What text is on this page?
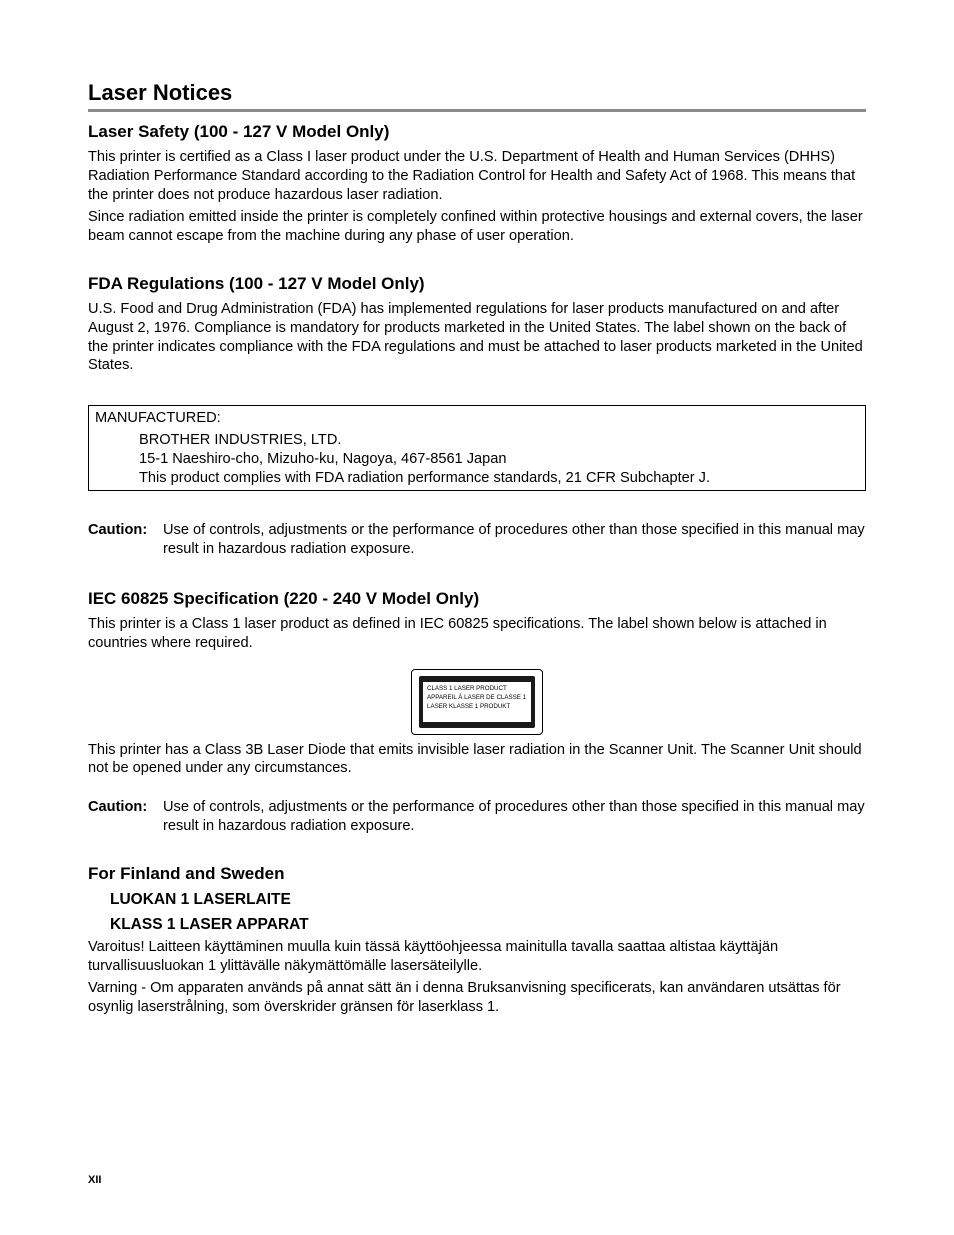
Laser Notices
Laser Safety (100 - 127 V Model Only)

This printer is certified as a Class I laser product under the U.S. Department of Health and Human Services (DHHS) Radiation Performance Standard according to the Radiation Control for Health and Safety Act of 1968. This means that the printer does not produce hazardous laser radiation.

Since radiation emitted inside the printer is completely confined within protective housings and external covers, the laser beam cannot escape from the machine during any phase of user operation.

FDA Regulations (100 - 127 V Model Only)

U.S. Food and Drug Administration (FDA) has implemented regulations for laser products manufactured on and after August 2, 1976. Compliance is mandatory for products marketed in the United States. The label shown on the back of the printer indicates compliance with the FDA regulations and must be attached to laser products marketed in the United States.

MANUFACTURED:
BROTHER INDUSTRIES, LTD.
15-1 Naeshiro-cho, Mizuho-ku, Nagoya, 467-8561 Japan
This product complies with FDA radiation performance standards, 21 CFR Subchapter J.
Caution:	Use of controls, adjustments or the performance of procedures other than those specified in this manual may result in hazardous radiation exposure.
IEC 60825 Specification (220 - 240 V Model Only)

This printer is a Class 1 laser product as defined in IEC 60825 specifications. The label shown below is attached in countries where required.

CLASS 1 LASER PRODUCT
APPAREIL À LASER DE CLASSE 1
LASER KLASSE 1 PRODUKT

This printer has a Class 3B Laser Diode that emits invisible laser radiation in the Scanner Unit. The Scanner Unit should not be opened under any circumstances.

Caution:	Use of controls, adjustments or the performance of procedures other than those specified in this manual may result in hazardous radiation exposure.
For Finland and Sweden
LUOKAN 1 LASERLAITE
KLASS 1 LASER APPARAT

Varoitus! Laitteen käyttäminen muulla kuin tässä käyttöohjeessa mainitulla tavalla saattaa altistaa käyttäjän turvallisuusluokan 1 ylittävälle näkymättömälle lasersäteilylle.

Varning - Om apparaten används på annat sätt än i denna Bruksanvisning specificerats, kan användaren utsättas för osynlig laserstrålning, som överskrider gränsen för laserklass 1.

XII
